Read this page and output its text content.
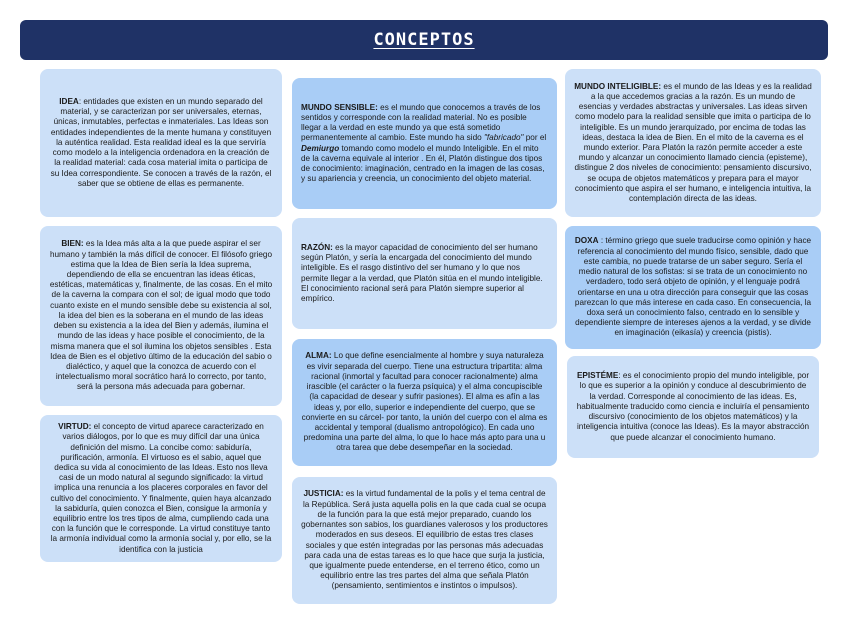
CONCEPTOS

IDEA: entidades que existen en un mundo separado del material, y se caracterizan por ser universales, eternas, únicas, inmutables, perfectas e inmateriales. Las Ideas son entidades independientes de la mente humana y constituyen la auténtica realidad. Esta realidad ideal es la que serviría como modelo a la inteligencia ordenadora en la creación de la realidad material: cada cosa material imita o participa de su Idea correspondiente. Se conocen a través de la razón, el saber que se obtiene de ellas es permanente.

MUNDO SENSIBLE: es el mundo que conocemos a través de los sentidos y corresponde con la realidad material. No es posible llegar a la verdad en este mundo ya que está sometido permanentemente al cambio. Este mundo ha sido "fabricado" por el Demiurgo tomando como modelo el mundo Inteligible. En el mito de la caverna equivale al interior . En él, Platón distingue dos tipos de conocimiento: imaginación, centrado en la imagen de las cosas, y su apariencia y creencia, un conocimiento del objeto material.

MUNDO INTELIGIBLE: es el mundo de las Ideas y es la realidad a la que accedemos gracias a la razón. Es un mundo de esencias y verdades abstractas y universales. Las ideas sirven como modelo para la realidad sensible que imita o participa de lo inteligible. Es un mundo jerarquizado, por encima de todas las ideas, destaca la idea de Bien. En el mito de la caverna es el mundo exterior. Para Platón la razón permite acceder a este mundo y alcanzar un conocimiento llamado ciencia (episteme), distingue 2 dos niveles de conocimiento: pensamiento discursivo, se ocupa de objetos matemáticos y prepara para el mayor conocimiento que aspira el ser humano, e inteligencia intuitiva, la contemplación directa de las ideas.

BIEN: es la Idea más alta a la que puede aspirar el ser humano y también la más difícil de conocer. El filósofo griego estima que la Idea de Bien sería la Idea suprema, dependiendo de ella se encuentran las ideas éticas, estéticas, matemáticas y, finalmente, de las cosas. En el mito de la caverna la compara con el sol; de igual modo que todo cuanto existe en el mundo sensible debe su existencia al sol, la idea del bien es la soberana en el mundo de las ideas deben su existencia a la idea del Bien y además, ilumina el mundo de las ideas y hace posible el conocimiento, de la misma manera que el sol ilumina los objetos sensibles . Esta Idea de Bien es el objetivo último de la educación del sabio o dialéctico, y aquel que la conozca de acuerdo con el intelectualismo moral socrático hará lo correcto, por tanto, será la persona más adecuada para gobernar.

RAZÓN: es la mayor capacidad de conocimiento del ser humano según Platón, y sería la encargada del conocimiento del mundo inteligible. Es el rasgo distintivo del ser humano y lo que nos permite llegar a la verdad, que Platón sitúa en el mundo inteligible. El conocimiento racional será para Platón siempre superior al empírico.

DOXA : término griego que suele traducirse como opinión y hace referencia al conocimiento del mundo físico, sensible, dado que este cambia, no puede tratarse de un saber seguro. Sería el medio natural de los sofistas: si se trata de un conocimiento no verdadero, todo será objeto de opinión, y el lenguaje podrá orientarse en una u otra dirección para conseguir que las cosas parezcan lo que más interese en cada caso. En consecuencia, la doxa será un conocimiento falso, centrado en lo sensible y dependiente siempre de intereses ajenos a la verdad, y se divide en imaginación (eikasía) y creencia (pistis).

ALMA: Lo que define esencialmente al hombre y suya naturaleza es vivir separada del cuerpo. Tiene una estructura tripartita: alma racional (inmortal y facultad para conocer racionalmente) alma irascible (el carácter o la fuerza psíquica) y el alma concupiscible (la capacidad de desear y sufrir pasiones). El alma es afín a las ideas y, por ello, superior e independiente del cuerpo, que se convierte en su cárcel- por tanto, la unión del cuerpo con el alma es accidental y temporal (dualismo antropológico). En cada uno predomina una parte del alma, lo que lo hace más apto para una u otra tarea que debe desempeñar en la sociedad.

EPISTÉME: es el conocimiento propio del mundo inteligible, por lo que es superior a la opinión y conduce al descubrimiento de la verdad. Corresponde al conocimiento de las ideas. Es, habitualmente traducido como ciencia e incluiría el pensamiento discursivo (conocimiento de los objetos matemáticos) y la inteligencia intuitiva (conoce las Ideas). Es la mayor abstracción que puede alcanzar el conocimiento humano.

VIRTUD: el concepto de virtud aparece caracterizado en varios diálogos, por lo que es muy difícil dar una única definición del mismo. La concibe como: sabiduría, purificación, armonía. El virtuoso es el sabio, aquel que dedica su vida al conocimiento de las Ideas. Esto nos lleva casi de un modo natural al segundo significado: la virtud implica una renuncia a los placeres corporales en favor del cultivo del conocimiento. Y finalmente, quien haya alcanzado la sabiduría, quien conozca el Bien, consigue la armonía y equilibrio entre los tres tipos de alma, cumpliendo cada una con la función que le corresponde. La virtud constituye tanto la armonía individual como la armonía social y, por ello, se la identifica con la justicia

JUSTICIA: es la virtud fundamental de la polis y el tema central de la República. Será justa aquella polis en la que cada cual se ocupa de la función para la que está mejor preparado, cuando los gobernantes son sabios, los guardianes valerosos y los productores moderados en sus deseos. El equilibrio de estas tres clases sociales y que estén integradas por las personas más adecuadas para cada una de estas tareas es lo que hace que surja la justicia, que igualmente puede entenderse, en el terreno ético, como un equilibrio entre las tres partes del alma que señala Platón (pensamiento, sentimientos e instintos o impulsos).
